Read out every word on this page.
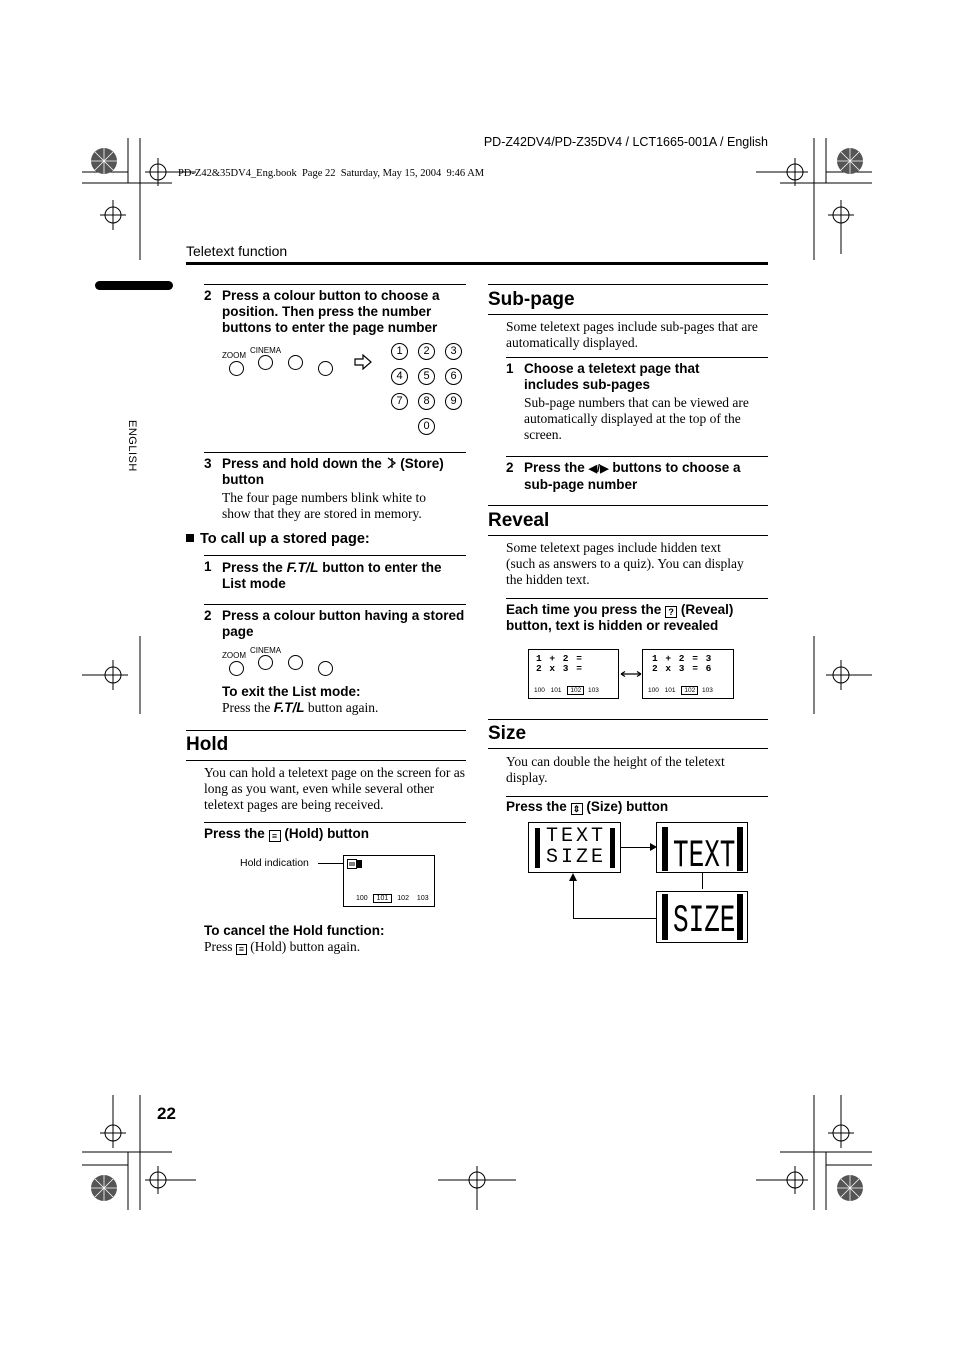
PD-Z42DV4/PD-Z35DV4 / LCT1665-001A / English
PD-Z42&35DV4_Eng.book  Page 22  Saturday, May 15, 2004  9:46 AM
Teletext function
ENGLISH
2 Press a colour button to choose a position. Then press the number buttons to enter the page number
ZOOM
CINEMA	1	2	3
4	5	6
7	8	9
0
3 Press and hold down the (Store) button
The four page numbers blink white to show that they are stored in memory.
To call up a stored page:
1 Press the F.T/L button to enter the List mode
2 Press a colour button having a stored page
ZOOM
CINEMA
To exit the List mode:
Press the F.T/L button again.
Hold
You can hold a teletext page on the screen for as long as you want, even while several other teletext pages are being received.
Press the ≡ (Hold) button
Hold indication
100 101 102 103
To cancel the Hold function:
Press ≡ (Hold) button again.
Sub-page
Some teletext pages include sub-pages that are automatically displayed.
1 Choose a teletext page that includes sub-pages
Sub-page numbers that can be viewed are automatically displayed at the top of the screen.
2 Press the ◀/▶ buttons to choose a sub-page number
Reveal
Some teletext pages include hidden text (such as answers to a quiz). You can display the hidden text.
Each time you press the ? (Reveal) button, text is hidden or revealed
1 + 2 =
2 x 3 =
100 101 102 103
1 + 2 = 3
2 x 3 = 6
100 101 102 103
Size
You can double the height of the teletext display.
Press the ⇕ (Size) button
TEXT
SIZE	TEXT
SIZE
22
